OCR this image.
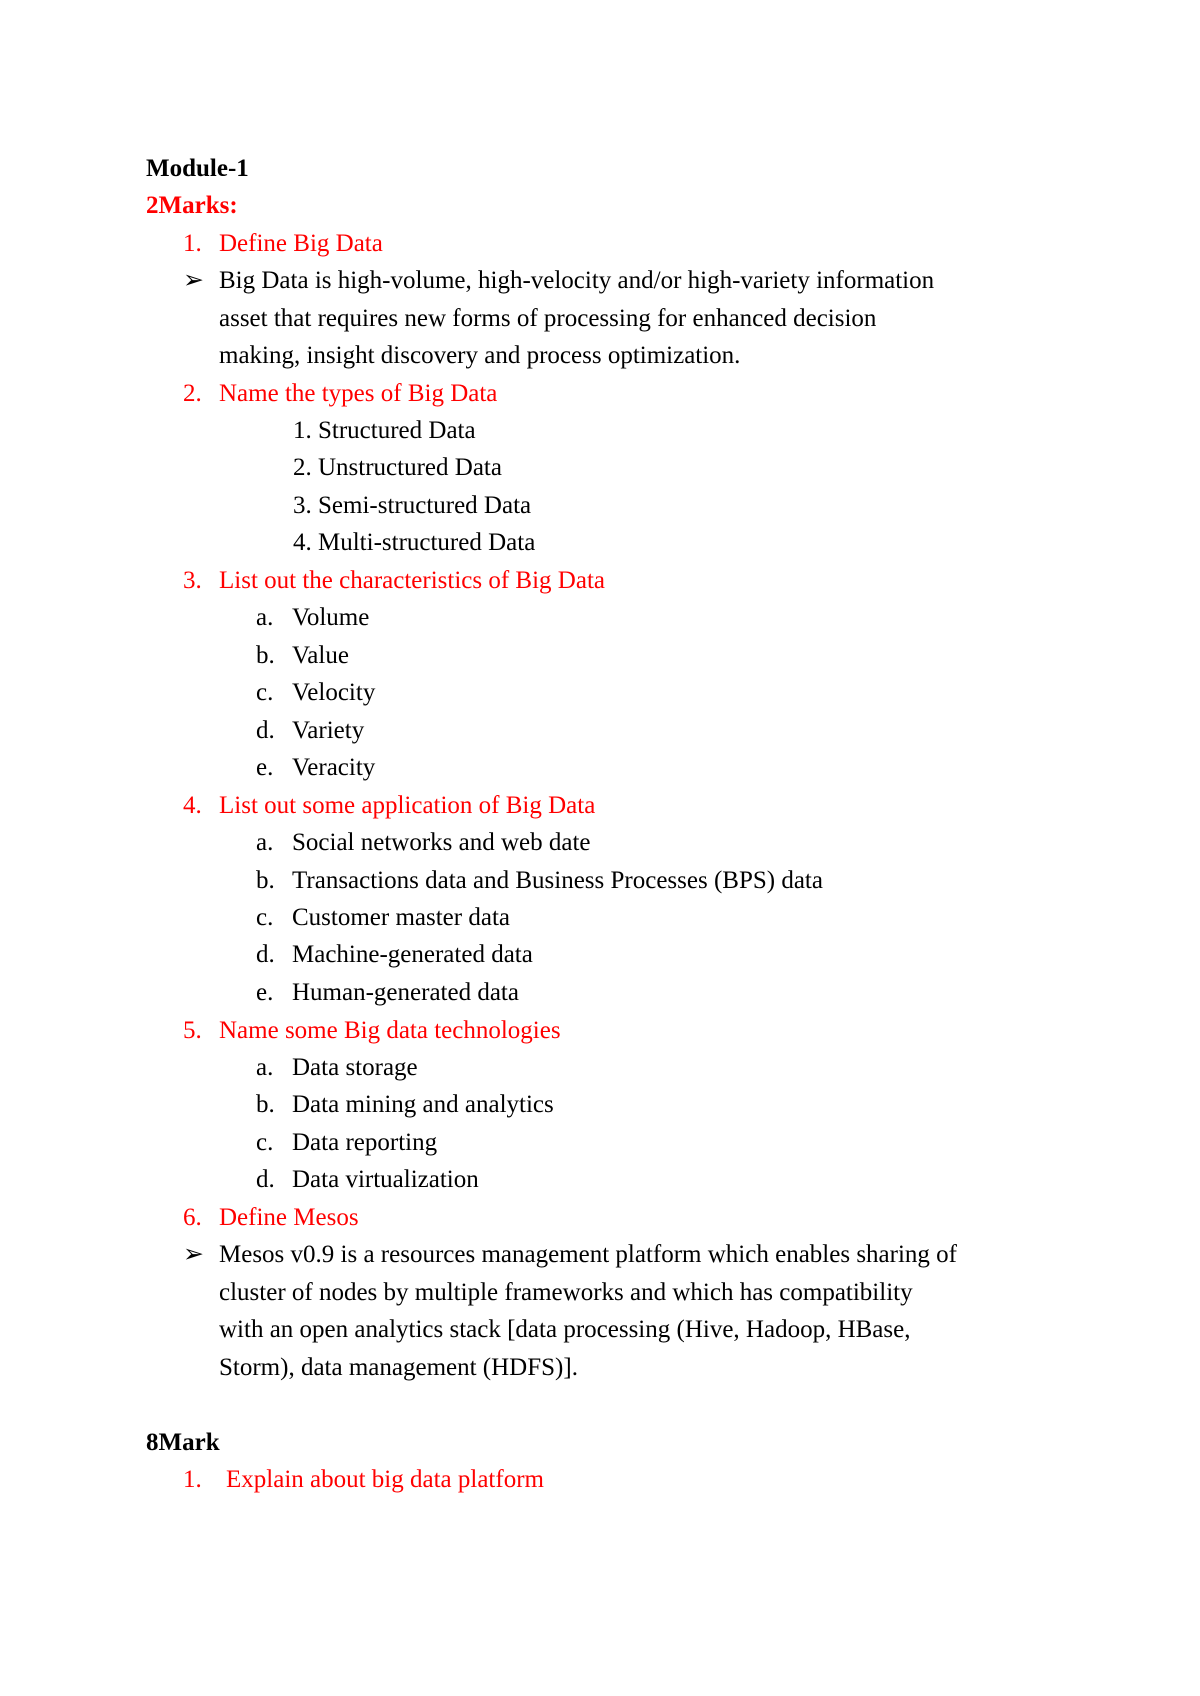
Module-1
2Marks:
1. Define Big Data
➢ Big Data is high-volume, high-velocity and/or high-variety information
asset that requires new forms of processing for enhanced decision
making, insight discovery and process optimization.
2. Name the types of Big Data
1. Structured Data
2. Unstructured Data
3. Semi-structured Data
4. Multi-structured Data
3. List out the characteristics of Big Data
a. Volume
b. Value
c. Velocity
d. Variety
e. Veracity
4. List out some application of Big Data
a. Social networks and web date
b. Transactions data and Business Processes (BPS) data
c. Customer master data
d. Machine-generated data
e. Human-generated data
5. Name some Big data technologies
a. Data storage
b. Data mining and analytics
c. Data reporting
d. Data virtualization
6. Define Mesos
➢ Mesos v0.9 is a resources management platform which enables sharing of
cluster of nodes by multiple frameworks and which has compatibility
with an open analytics stack [data processing (Hive, Hadoop, HBase,
Storm), data management (HDFS)].
8Mark
1. Explain about big data platform
